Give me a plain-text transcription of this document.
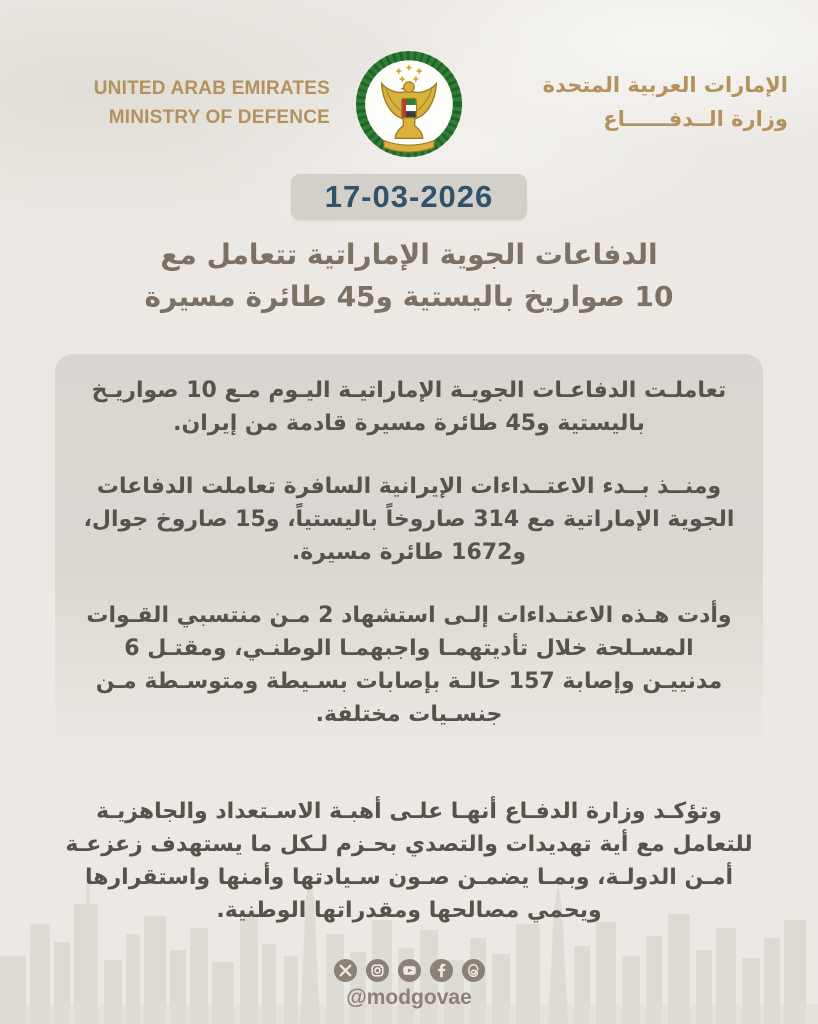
UNITED ARAB EMIRATES
MINISTRY OF DEFENCE
الإمارات العربية المتحدة
وزارة الــدفــــــاع
17-03-2026
الدفاعات الجوية الإماراتية تتعامل مع
10 صواريخ باليستية و45 طائرة مسيرة

تعاملـت الدفاعـات الجويـة الإماراتيـة اليـوم مـع 10 صواريـخ باليستية و45 طائرة مسيرة قادمة من إيران.

ومنــذ بــدء الاعتــداءات الإيرانية السافرة تعاملت الدفاعات الجوية الإماراتية مع 314 صاروخاً باليستياً، و15 صاروخ جوال، و1672 طائرة مسيرة.

وأدت هـذه الاعتـداءات إلـى استشهاد 2 مـن منتسبي القـوات المسـلحة خلال تأديتهمـا واجبهمـا الوطنـي، ومقتـل 6 مدنييـن وإصابة 157 حالـة بإصابات بسـيطة ومتوسـطة مـن جنسـيات مختلفة.

وتؤكـد وزارة الدفـاع أنهـا علـى أهبـة الاسـتعداد والجاهزيـة للتعامل مع أية تهديدات والتصدي بحـزم لـكل ما يستهدف زعزعـة أمـن الدولـة، وبمـا يضمـن صـون سـيادتها وأمنها واستقرارها ويحمي مصالحها ومقدراتها الوطنية.

@modgovae
